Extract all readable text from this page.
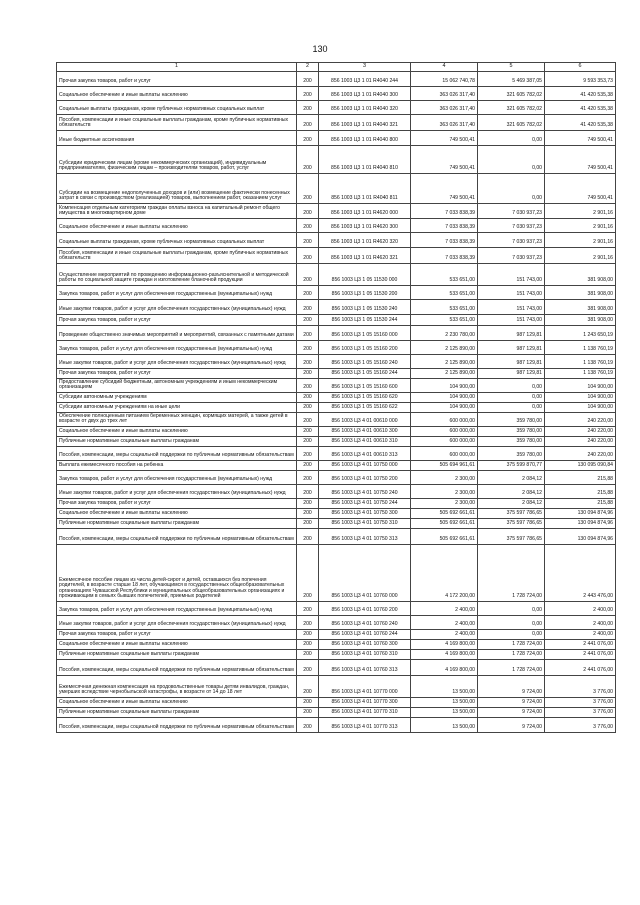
130
1	2	3	4	5	6
Прочая закупка товаров, работ и услуг	200	856 1003 Ц3 1 01 R4040 244	15 062 740,78	5 469 387,05	9 593 353,73
Социальное обеспечение и иные выплаты населению	200	856 1003 Ц3 1 01 R4040 300	363 026 317,40	321 605 782,02	41 420 535,38
Социальные выплаты гражданам, кроме публичных нормативных социальных выплат	200	856 1003 Ц3 1 01 R4040 320	363 026 317,40	321 605 782,02	41 420 535,38
Пособия, компенсации и иные социальные выплаты гражданам, кроме публичных нормативных обязательств	200	856 1003 Ц3 1 01 R4040 321	363 026 317,40	321 605 782,02	41 420 535,38
Иные бюджетные ассигнования	200	856 1003 Ц3 1 01 R4040 800	749 500,41	0,00	749 500,41
Субсидии юридическим лицам (кроме некоммерческих организаций), индивидуальным предпринимателям, физическим лицам – производителям товаров, работ, услуг	200	856 1003 Ц3 1 01 R4040 810	749 500,41	0,00	749 500,41
Субсидии на возмещение недополученных доходов и (или) возмещение фактически понесенных затрат в связи с производством (реализацией) товаров, выполнением работ, оказанием услуг	200	856 1003 Ц3 1 01 R4040 811	749 500,41	0,00	749 500,41
Компенсация отдельным категориям граждан оплаты взноса на капитальный ремонт общего имущества в многоквартирном доме	200	856 1003 Ц3 1 01 R4620 000	7 033 838,39	7 030 937,23	2 901,16
Социальное обеспечение и иные выплаты населению	200	856 1003 Ц3 1 01 R4620 300	7 033 838,39	7 030 937,23	2 901,16
Социальные выплаты гражданам, кроме публичных нормативных социальных выплат	200	856 1003 Ц3 1 01 R4620 320	7 033 838,39	7 030 937,23	2 901,16
Пособия, компенсации и иные социальные выплаты гражданам, кроме публичных нормативных обязательств	200	856 1003 Ц3 1 01 R4620 321	7 033 838,39	7 030 937,23	2 901,16
Осуществление мероприятий по проведению информационно-разъяснительной и методической работы по социальной защите граждан и изготовление бланочной продукции	200	856 1003 Ц3 1 05 11530 000	533 651,00	151 743,00	381 908,00
Закупка товаров, работ и услуг для обеспечения государственных (муниципальных) нужд	200	856 1003 Ц3 1 05 11530 200	533 651,00	151 743,00	381 908,00
Иные закупки товаров, работ и услуг для обеспечения государственных (муниципальных) нужд	200	856 1003 Ц3 1 05 11530 240	533 651,00	151 743,00	381 908,00
Прочая закупка товаров, работ и услуг	200	856 1003 Ц3 1 05 11530 244	533 651,00	151 743,00	381 908,00
Проведение общественно значимых мероприятий и мероприятий, связанных с памятными датами	200	856 1003 Ц3 1 05 15160 000	2 230 780,00	987 129,81	1 243 650,19
Закупка товаров, работ и услуг для обеспечения государственных (муниципальных) нужд	200	856 1003 Ц3 1 05 15160 200	2 125 890,00	987 129,81	1 138 760,19
Иные закупки товаров, работ и услуг для обеспечения государственных (муниципальных) нужд	200	856 1003 Ц3 1 05 15160 240	2 125 890,00	987 129,81	1 138 760,19
Прочая закупка товаров, работ и услуг	200	856 1003 Ц3 1 05 15160 244	2 125 890,00	987 129,81	1 138 760,19
Предоставление субсидий бюджетным, автономным учреждениям и иным некоммерческим организациям	200	856 1003 Ц3 1 05 15160 600	104 900,00	0,00	104 900,00
Субсидии автономным учреждениям	200	856 1003 Ц3 1 05 15160 620	104 900,00	0,00	104 900,00
Субсидии автономным учреждениям на иные цели	200	856 1003 Ц3 1 05 15160 622	104 900,00	0,00	104 900,00
Обеспечение полноценным питанием беременных женщин, кормящих матерей, а также детей в возрасте от двух до трех лет	200	856 1003 Ц3 4 01 00610 000	600 000,00	359 780,00	240 220,00
Социальное обеспечение и иные выплаты населению	200	856 1003 Ц3 4 01 00610 300	600 000,00	359 780,00	240 220,00
Публичные нормативные социальные выплаты гражданам	200	856 1003 Ц3 4 01 00610 310	600 000,00	359 780,00	240 220,00
Пособия, компенсации, меры социальной поддержки по публичным нормативным обязательствам	200	856 1003 Ц3 4 01 00610 313	600 000,00	359 780,00	240 220,00
Выплата ежемесячного пособия на ребенка	200	856 1003 Ц3 4 01 10750 000	505 694 961,61	375 599 870,77	130 095 090,84
Закупка товаров, работ и услуг для обеспечения государственных (муниципальных) нужд	200	856 1003 Ц3 4 01 10750 200	2 300,00	2 084,12	215,88
Иные закупки товаров, работ и услуг для обеспечения государственных (муниципальных) нужд	200	856 1003 Ц3 4 01 10750 240	2 300,00	2 084,12	215,88
Прочая закупка товаров, работ и услуг	200	856 1003 Ц3 4 01 10750 244	2 300,00	2 084,12	215,88
Социальное обеспечение и иные выплаты населению	200	856 1003 Ц3 4 01 10750 300	505 692 661,61	375 597 786,65	130 094 874,96
Публичные нормативные социальные выплаты гражданам	200	856 1003 Ц3 4 01 10750 310	505 692 661,61	375 597 786,65	130 094 874,96
Пособия, компенсации, меры социальной поддержки по публичным нормативным обязательствам	200	856 1003 Ц3 4 01 10750 313	505 692 661,61	375 597 786,65	130 094 874,96
Ежемесячное пособие лицам из числа детей-сирот и детей, оставшихся без попечения родителей, в возрасте старше 18 лет, обучающимся в государственных общеобразовательных организациях Чувашской Республики и муниципальных общеобразовательных организациях и проживающим в семьях бывших попечителей, приемных родителей	200	856 1003 Ц3 4 01 10760 000	4 172 200,00	1 728 724,00	2 443 476,00
Закупка товаров, работ и услуг для обеспечения государственных (муниципальных) нужд	200	856 1003 Ц3 4 01 10760 200	2 400,00	0,00	2 400,00
Иные закупки товаров, работ и услуг для обеспечения государственных (муниципальных) нужд	200	856 1003 Ц3 4 01 10760 240	2 400,00	0,00	2 400,00
Прочая закупка товаров, работ и услуг	200	856 1003 Ц3 4 01 10760 244	2 400,00	0,00	2 400,00
Социальное обеспечение и иные выплаты населению	200	856 1003 Ц3 4 01 10760 300	4 169 800,00	1 728 724,00	2 441 076,00
Публичные нормативные социальные выплаты гражданам	200	856 1003 Ц3 4 01 10760 310	4 169 800,00	1 728 724,00	2 441 076,00
Пособия, компенсации, меры социальной поддержки по публичным нормативным обязательствам	200	856 1003 Ц3 4 01 10760 313	4 169 800,00	1 728 724,00	2 441 076,00
Ежемесячная денежная компенсация на продовольственные товары детям инвалидов, граждан, умерших вследствие чернобыльской катастрофы, в возрасте от 14 до 18 лет	200	856 1003 Ц3 4 01 10770 000	13 500,00	9 724,00	3 776,00
Социальное обеспечение и иные выплаты населению	200	856 1003 Ц3 4 01 10770 300	13 500,00	9 724,00	3 776,00
Публичные нормативные социальные выплаты гражданам	200	856 1003 Ц3 4 01 10770 310	13 500,00	9 724,00	3 776,00
Пособия, компенсации, меры социальной поддержки по публичным нормативным обязательствам	200	856 1003 Ц3 4 01 10770 313	13 500,00	9 724,00	3 776,00
